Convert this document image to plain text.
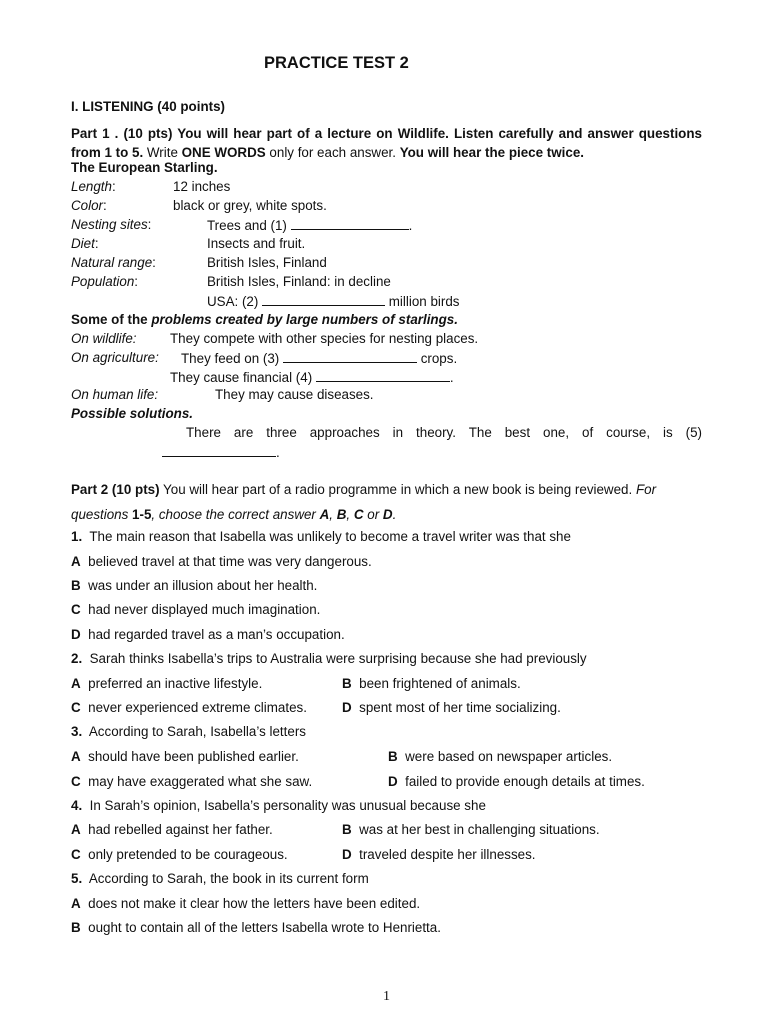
PRACTICE TEST 2
I. LISTENING (40 points)
Part 1 . (10 pts) You will hear part of a lecture on Wildlife. Listen carefully and answer questions from 1 to 5. Write ONE WORDS only for each answer. You will hear the piece twice.
The European Starling.
Length:	12 inches
Color:	black or grey, white spots.
Nesting sites:	Trees and (1)	.
Diet:	Insects and fruit.
Natural range:	British Isles, Finland
Population:	British Isles, Finland: in decline
USA: (2)	million birds
Some of the problems created by large numbers of starlings.
On wildlife:	They compete with other species for nesting places.
On agriculture: They feed on (3)	crops.
They cause financial (4)	.
On human life:	They may cause diseases.
Possible solutions.
There are three approaches in theory. The best one, of course, is (5)
.
Part 2 (10 pts) You will hear part of a radio programme in which a new book is being reviewed. For
questions 1-5, choose the correct answer A, B, C or D.
1. The main reason that Isabella was unlikely to become a travel writer was that she
A believed travel at that time was very dangerous.
B was under an illusion about her health.
C had never displayed much imagination.
D had regarded travel as a man’s occupation.
2. Sarah thinks Isabella’s trips to Australia were surprising because she had previously
A preferred an inactive lifestyle.	B been frightened of animals.
C never experienced extreme climates.	D spent most of her time socializing.
3. According to Sarah, Isabella’s letters
A should have been published earlier.	B were based on newspaper articles.
C may have exaggerated what she saw.	D failed to provide enough details at times.
4. In Sarah’s opinion, Isabella’s personality was unusual because she
A had rebelled against her father.	B was at her best in challenging situations.
C only pretended to be courageous.	D traveled despite her illnesses.
5. According to Sarah, the book in its current form
A does not make it clear how the letters have been edited.
B ought to contain all of the letters Isabella wrote to Henrietta.
1
